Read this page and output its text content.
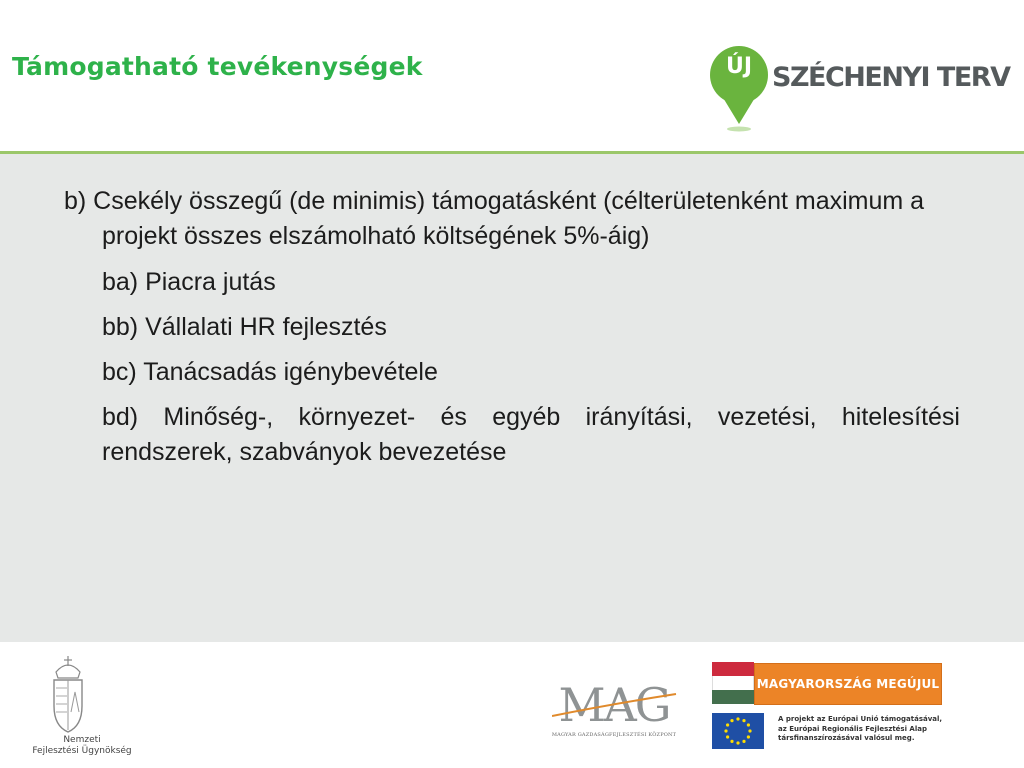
Támogatható tevékenységek	ÚJ SZÉCHENYI TERV

b) Csekély összegű (de minimis) támogatásként (célterületenként maximum a projekt összes elszámolható költségének 5%-áig)

ba) Piacra jutás

bb) Vállalati HR fejlesztés

bc) Tanácsadás igénybevétele

bd) Minőség-, környezet- és egyéb irányítási, vezetési, hitelesítési rendszerek, szabványok bevezetése

Nemzeti
Fejlesztési Ügynökség
MAG
MAGYAR GAZDASÁGFEJLESZTÉSI KÖZPONT
MAGYARORSZÁG MEGÚJUL
A projekt az Európai Unió támogatásával,
az Európai Regionális Fejlesztési Alap
társfinanszírozásával valósul meg.
